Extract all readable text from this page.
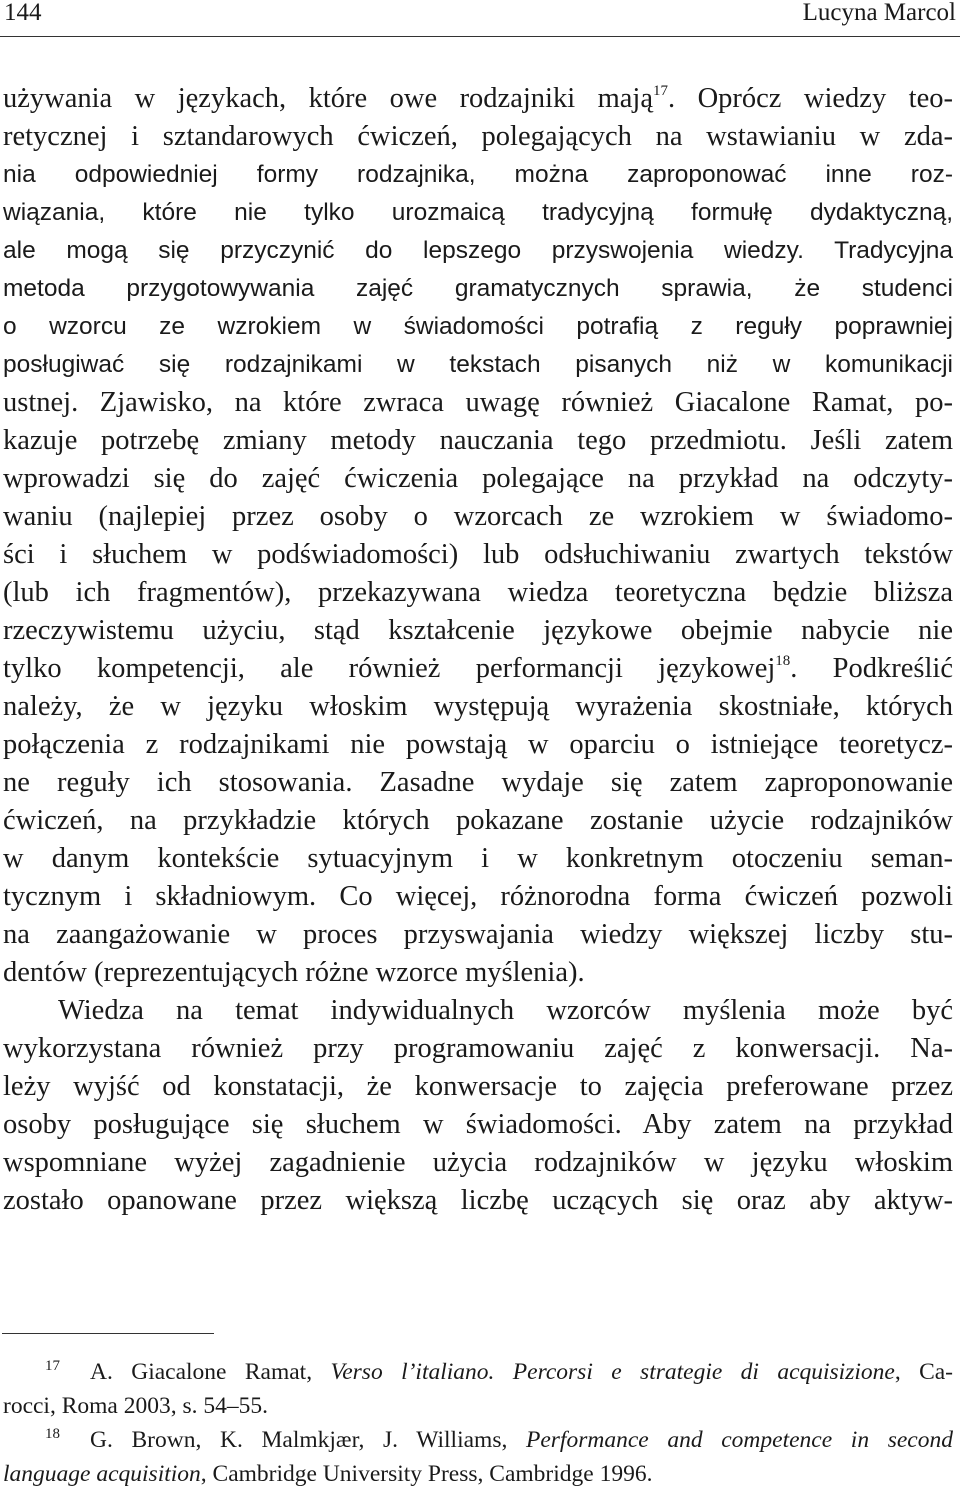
144	Lucyna Marcol
używania w językach, które owe rodzajniki mają$^{17}$. Oprócz wiedzy teo-
retycznej i sztandarowych ćwiczeń, polegających na wstawianiu w zda-
nia odpowiedniej formy rodzajnika, można zaproponować inne roz-
wiązania, które nie tylko urozmaicą tradycyjną formułę dydaktyczną,
ale mogą się przyczynić do lepszego przyswojenia wiedzy. Tradycyjna
metoda przygotowywania zajęć gramatycznych sprawia, że studenci
o wzorcu ze wzrokiem w świadomości potrafią z reguły poprawniej
posługiwać się rodzajnikami w tekstach pisanych niż w komunikacji
ustnej. Zjawisko, na które zwraca uwagę również Giacalone Ramat, po-
kazuje potrzebę zmiany metody nauczania tego przedmiotu. Jeśli zatem
wprowadzi się do zajęć ćwiczenia polegające na przykład na odczyty-
waniu (najlepiej przez osoby o wzorcach ze wzrokiem w świadomo-
ści i słuchem w podświadomości) lub odsłuchiwaniu zwartych tekstów
(lub ich fragmentów), przekazywana wiedza teoretyczna będzie bliższa
rzeczywistemu użyciu, stąd kształcenie językowe obejmie nabycie nie
tylko kompetencji, ale również performancji językowej$^{18}$. Podkreślić
należy, że w języku włoskim występują wyrażenia skostniałe, których
połączenia z rodzajnikami nie powstają w oparciu o istniejące teoretycz-
ne reguły ich stosowania. Zasadne wydaje się zatem zaproponowanie
ćwiczeń, na przykładzie których pokazane zostanie użycie rodzajników
w danym kontekście sytuacyjnym i w konkretnym otoczeniu seman-
tycznym i składniowym. Co więcej, różnorodna forma ćwiczeń pozwoli
na zaangażowanie w proces przyswajania wiedzy większej liczby stu-
dentów (reprezentujących różne wzorce myślenia).
Wiedza na temat indywidualnych wzorców myślenia może być
wykorzystana również przy programowaniu zajęć z konwersacji. Na-
leży wyjść od konstatacji, że konwersacje to zajęcia preferowane przez
osoby posługujące się słuchem w świadomości. Aby zatem na przykład
wspomniane wyżej zagadnienie użycia rodzajników w języku włoskim
zostało opanowane przez większą liczbę uczących się oraz aby aktyw-
$^{17}$ A. Giacalone Ramat, Verso l’italiano. Percorsi e strategie di acquisizione, Ca-
rocci, Roma 2003, s. 54–55.
$^{18}$ G. Brown, K. Malmkjær, J. Williams, Performance and competence in second
language acquisition, Cambridge University Press, Cambridge 1996.
